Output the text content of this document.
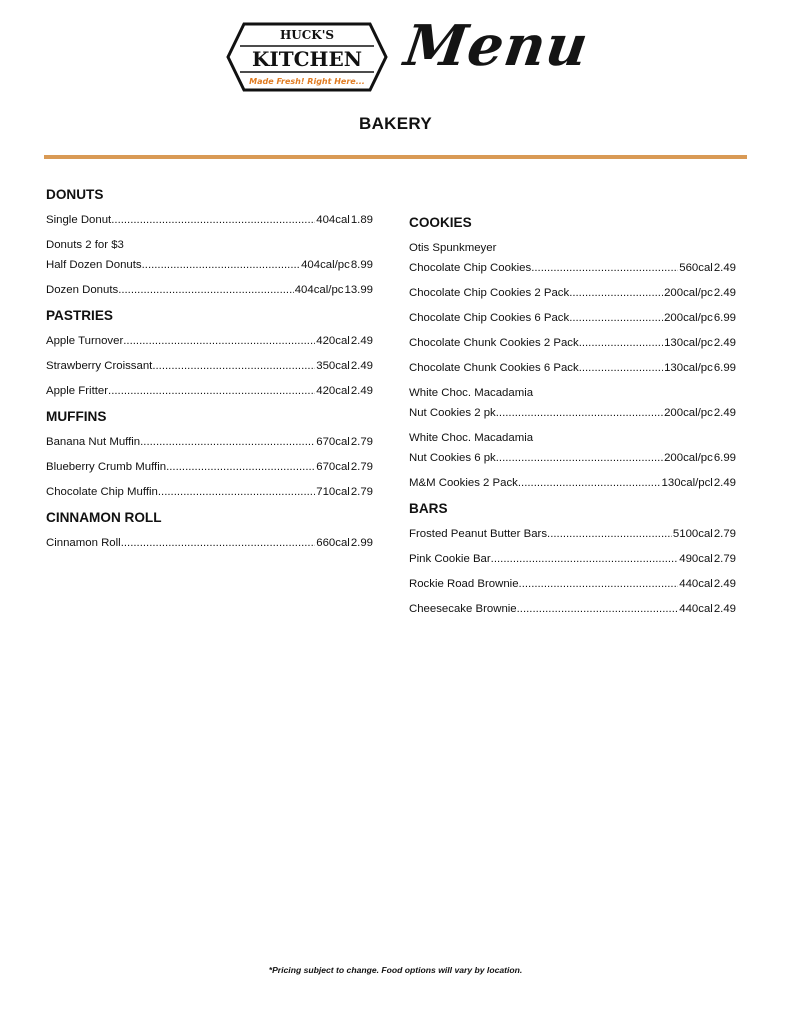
HUCK'S
KITCHEN
Made Fresh! Right Here...
Menu
BAKERY
DONUTS
Single Donut .....	404cal 1.89
Donuts 2 for $3
Half Dozen Donuts .....	404cal/pc 8.99
Dozen Donuts .....	404cal/pc 13.99
PASTRIES
Apple Turnover .....	420cal 2.49
Strawberry Croissant .....	350cal 2.49
Apple Fritter .....	420cal 2.49
MUFFINS
Banana Nut Muffin .....	670cal 2.79
Blueberry Crumb Muffin .....	670cal 2.79
Chocolate Chip Muffin .....	710cal 2.79
CINNAMON ROLL
Cinnamon Roll .....	660cal 2.99
COOKIES
Otis Spunkmeyer
Chocolate Chip Cookies .....	560cal 2.49
Chocolate Chip Cookies 2 Pack .....	200cal/pc 2.49
Chocolate Chip Cookies 6 Pack .....	200cal/pc 6.99
Chocolate Chunk Cookies 2 Pack .....	130cal/pc 2.49
Chocolate Chunk Cookies 6 Pack .....	130cal/pc 6.99
White Choc. Macadamia
Nut Cookies 2 pk .....	200cal/pc 2.49
White Choc. Macadamia
Nut Cookies 6 pk .....	200cal/pc 6.99
M&M Cookies 2 Pack .....	130cal/pcl 2.49
BARS
Frosted Peanut Butter Bars .....	5100cal 2.79
Pink Cookie Bar .....	490cal 2.79
Rockie Road Brownie .....	440cal 2.49
Cheesecake Brownie .....	440cal 2.49
*Pricing subject to change. Food options will vary by location.
